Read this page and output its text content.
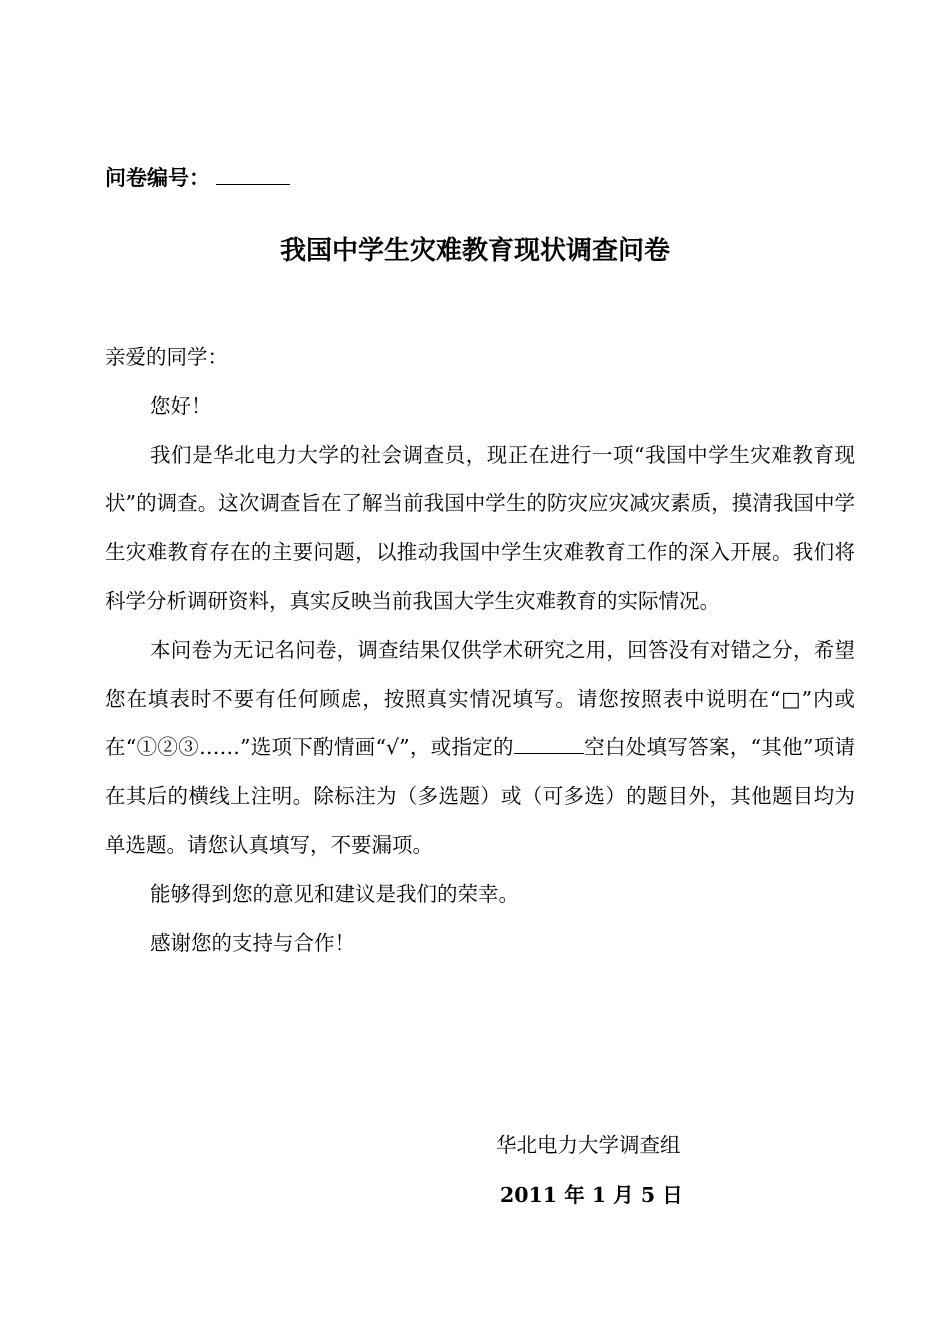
问卷编号：
我国中学生灾难教育现状调查问卷

亲爱的同学：

您好！

我们是华北电力大学的社会调查员，现正在进行一项“我国中学生灾难教育现状”的调查。这次调查旨在了解当前我国中学生的防灾应灾减灾素质，摸清我国中学生灾难教育存在的主要问题，以推动我国中学生灾难教育工作的深入开展。我们将科学分析调研资料，真实反映当前我国大学生灾难教育的实际情况。

本问卷为无记名问卷，调查结果仅供学术研究之用，回答没有对错之分，希望您在填表时不要有任何顾虑，按照真实情况填写。请您按照表中说明在“□”内或在“①②③……”选项下酌情画“√”，或指定的	空白处填写答案，“其他”项请在其后的横线上注明。除标注为（多选题）或（可多选）的题目外，其他题目均为单选题。请您认真填写，不要漏项。

能够得到您的意见和建议是我们的荣幸。

感谢您的支持与合作！

华北电力大学调查组
2011 年 1 月 5 日
